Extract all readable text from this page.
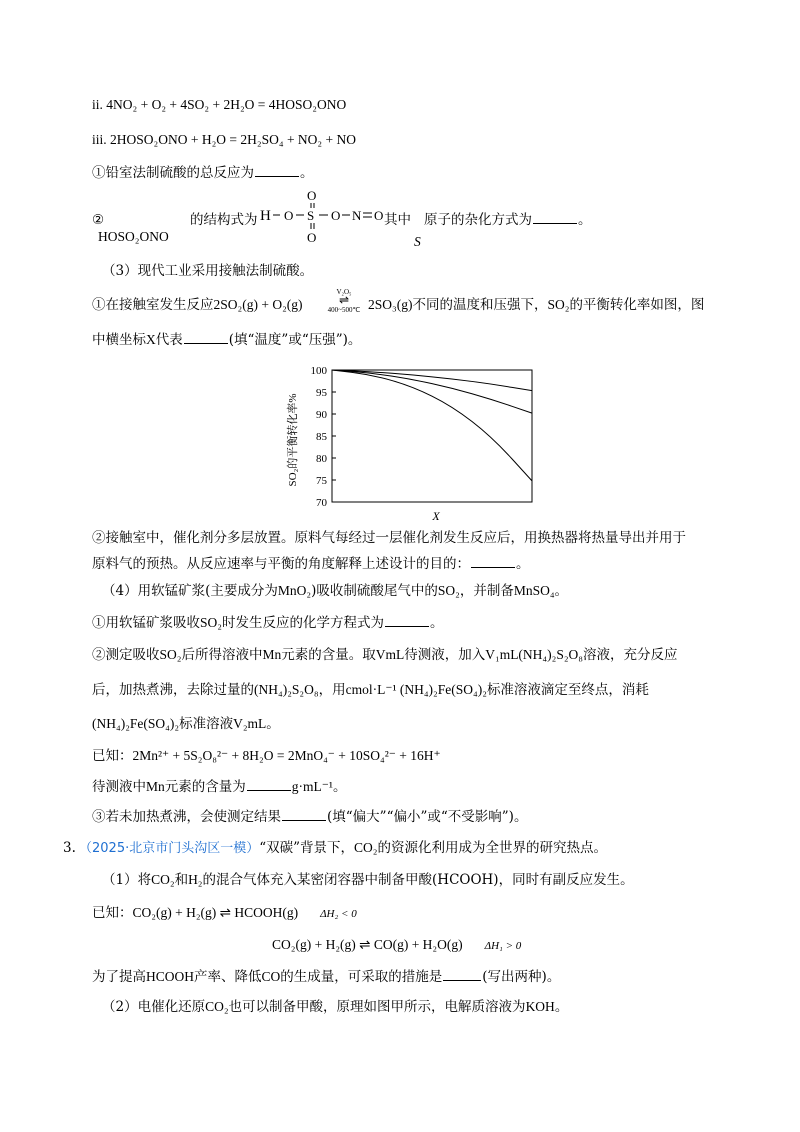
ii. 4NO₂ + O₂ + 4SO₂ + 2H₂O = 4HOSO₂ONO
iii. 2HOSO₂ONO + H₂O = 2H₂SO₄ + NO₂ + NO
①铅室法制硫酸的总反应为	。
②
HOSO₂ONO
的结构式为 H O S
O
O
O N O 其中
S
原子的杂化方式为	。
（3）现代工业采用接触法制硫酸。
①在接触室发生反应2SO₂(g) + O₂(g)
V₂O₅
⇌
400~500℃ 2SO₃(g)不同的温度和压强下，SO₂的平衡转化率如图，图
中横坐标X代表	(填“温度”或“压强”)。
100
95
90
85
80
75
70
X
SO₂的平衡转化率%
②接触室中，催化剂分多层放置。原料气每经过一层催化剂发生反应后，用换热器将热量导出并用于
原料气的预热。从反应速率与平衡的角度解释上述设计的目的：	。
（4）用软锰矿浆(主要成分为MnO₂)吸收制硫酸尾气中的SO₂，并制备MnSO₄。
①用软锰矿浆吸收SO₂时发生反应的化学方程式为	。
②测定吸收SO₂后所得溶液中Mn元素的含量。取VmL待测液，加入V₁mL(NH₄)₂S₂O₈溶液，充分反应
后，加热煮沸，去除过量的(NH₄)₂S₂O₈，用cmol·L⁻¹ (NH₄)₂Fe(SO₄)₂标准溶液滴定至终点，消耗
(NH₄)₂Fe(SO₄)₂标准溶液V₂mL。
已知：2Mn²⁺ + 5S₂O₈²⁻ + 8H₂O = 2MnO₄⁻ + 10SO₄²⁻ + 16H⁺
待测液中Mn元素的含量为	g·mL⁻¹。
③若未加热煮沸，会使测定结果	(填“偏大”“偏小”或“不受影响”)。
3. （2025·北京市门头沟区一模）“双碳”背景下，CO₂的资源化利用成为全世界的研究热点。
（1）将CO₂和H₂的混合气体充入某密闭容器中制备甲酸(HCOOH)，同时有副反应发生。
已知：CO₂(g) + H₂(g) ⇌ HCOOH(g) ΔH₂ < 0
CO₂(g) + H₂(g) ⇌ CO(g) + H₂O(g) ΔH₁ > 0
为了提高HCOOH产率、降低CO的生成量，可采取的措施是	(写出两种)。
（2）电催化还原CO₂也可以制备甲酸，原理如图甲所示，电解质溶液为KOH。
